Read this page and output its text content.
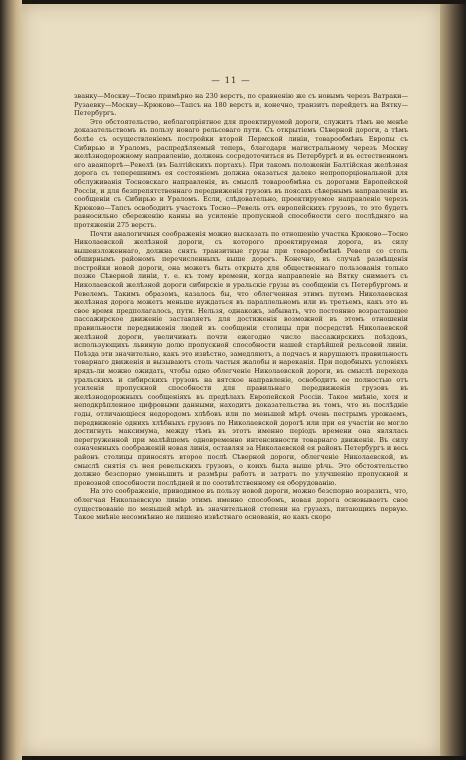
— 11 —

званку—Москву—Тосно примѣрно на 230 верстъ, по сравненію же съ новымъ черезъ Ватраки—Рузаевку—Москву—Крюково—Тапсъ на 180 верстъ и, конечно, транзитъ перейдетъ на Вятку—Петербургъ.

Это обстоятельство, неблагопріятное для проектируемой дороги, служитъ тѣмъ не менѣе доказательствомъ въ пользу новаго рельсоваго пути. Съ открытіемъ Сѣверной дороги, а тѣмъ болѣе съ осуществленіемъ постройки второй Пермской линіи, товарообмѣнъ Европы съ Сибирью и Ураломъ, распредѣляемый теперь, благодаря магистральному черезъ Москву желѣзнодорожному направленію, должень сосредоточиться въ Петербургѣ и въ естественномъ его аванпортѣ—Ревелѣ (въ Балтійскихъ портахъ). При такомъ положеніи Балтійская желѣзная дорога съ теперешнимъ ея состояніемъ должна оказаться далеко непропорціональной для обслуживанія Тосновскаго направленія, въ смыслѣ товарообмѣна съ дорогами Европейской Россіи, и для безпрепятственнаго передвиженія грузовъ въ поясахъ сѣвернымъ направленіи въ сообщеніи съ Сибирью и Ураломъ. Если, слѣдовательно, проектируемое направленіе черезъ Крюково—Тапсъ освободитъ участокъ Тосно—Ревель отъ европейскихъ грузовъ, то это будетъ равносильно сбереженію канны на усиленіе пропускной способности сего послѣдняго на протяженіи 275 верстъ.

Почти аналогичныя соображенія можно высказать по отношенію участка Крюково—Тосно Николаевской желѣзной дороги, съ которого проектируемая дорога, въ силу вышеизложеннаго, должна снять транзитные грузы при товарообмѣнѣ Ревеля со столь обширнымъ райономъ перечисленныхъ выше дорогъ. Конечно, въ случаѣ размѣщенія постройки новой дороги, она можетъ быть открыта для общественнаго пользованія только позже Сѣверной линіи, т. е. къ тому времени, когда направленіе на Вятку снимаетъ съ Николаевской желѣзной дороги сибирскіе и уральскіе грузы въ сообщеніи съ Петербургомъ и Ревелемъ. Такимъ образомъ, казалось бы, что облегченная этимъ путемъ Николаевская желѣзная дорога можетъ меньше нуждаться въ параллельномъ или въ третьемъ, какъ это въ свое время предполагалось, пути. Нельзя, однакожъ, забывать, что постоянно возрастающее пассажирское движеніе заставляетъ для достиженія возможной въ этомъ отношеніи правильности передвиженія людей въ сообщеніи столицы при посредствѣ Николаевской желѣзной дороги, увеличивать почти ежегодно число пассажирскихъ поѣздовъ, использующихъ львиную долю пропускной способности нашей старѣйшей рельсовой линіи. Поѣзда эти значительно, какъ это извѣстно, замедляютъ, а подчасъ и нарушаютъ правильность товарнаго движенія и вызываютъ столь частыя жалобы и нареканія. При подобныхъ условіяхъ врядъ-ли можно ожидать, чтобы одно облегченіе Николаевской дороги, въ смыслѣ перехода уральскихъ и сибирскихъ грузовъ на вятское направленіе, освободитъ ее полностью отъ усиленія пропускной способности для правильнаго передвиженія грузовъ въ желѣзнодорожныхъ сообщеніяхъ въ предѣлахъ Европейской Россіи. Такое мнѣніе, хотя и неподкрѣпленное цифровыми данными, находитъ доказательства въ томъ, что въ послѣдніе годы, отличающіеся недородомъ хлѣбовъ или по меньшей мѣрѣ очень пестрымъ урожаемъ, передвиженіе однихъ хлѣбныхъ грузовъ по Николаевской дорогѣ или при ея участіи не могло достигнуть максимума, между тѣмъ въ этотъ именно періодъ времени она являлась перегруженной при малѣйшемъ одновременно интенсивности товарнаго движенія. Въ силу означенныхъ соображеній новая линія, оставляя за Николаевской ея районъ Петербургъ и весь районъ столицы приносятъ второе послѣ Сѣверной дороги, облегченіе Николаевской, въ смыслѣ снятія съ нея ревельскихъ грузовъ, о коихъ была выше рѣчь. Это обстоятельство должно безспорно уменьшить и размѣры работъ и затратъ по улучшенію пропускной и провозной способности послѣдней и по соотвѣтственному ея оборудованію.

На это соображеніе, приводимое въ пользу новой дороги, можно безспорно возразить, что, облегчая Николаевскую линію этимъ именно способомъ, новая дорога основываетъ свое существованіе по меньшей мѣрѣ въ значительной степени на грузахъ, питающихъ первую. Такое мнѣніе несомнѣнно не лишено извѣстнаго основанія, но какъ скоро
